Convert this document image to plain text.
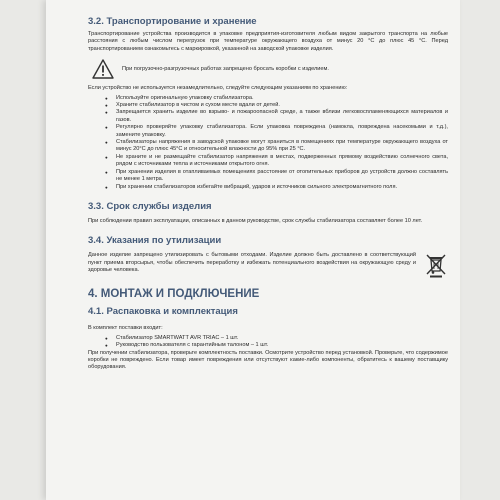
3.2. Транспортирование и хранение

Транспортирование устройства производится в упаковке предприятия-изготовителя любым видом закрытого транспорта на любые расстояния с любым числом перегрузок при температуре окружающего воздуха от минус 20 °С до плюс 45 °С. Перед транспортированием ознакомьтесь с маркировкой, указанной на заводской упаковке изделия.

При погрузочно-разгрузочных работах запрещено бросать коробки с изделием.

Если устройство не используется незамедлительно, следуйте следующим указаниям по хранению:

● Используйте оригинальную упаковку стабилизатора.
● Храните стабилизатор в чистом и сухом месте вдали от детей.
● Запрещается хранить изделие во взрыво- и пожароопасной среде, а также вблизи легковоспламеняющихся материалов и газов.
● Регулярно проверяйте упаковку стабилизатора. Если упаковка повреждена (намокла, повреждена насекомыми и т.д.), замените упаковку.
● Стабилизаторы напряжения в заводской упаковке могут храниться в помещениях при температуре окружающего воздуха от минус 20°С до плюс 45°С и относительной влажности до 95% при 25 °С.
● Не храните и не размещайте стабилизатор напряжения в местах, подверженных прямому воздействию солнечного света, рядом с источниками тепла и источниками открытого огня.
● При хранении изделия в отапливаемых помещениях расстояние от отопительных приборов до устройств должно составлять не менее 1 метра.
● При хранении стабилизаторов избегайте вибраций, ударов и источников сильного электромагнитного поля.
3.3. Срок службы изделия

При соблюдении правил эксплуатации, описанных в данном руководстве, срок службы стабилизатора составляет более 10 лет.

3.4. Указания по утилизации

Данное изделие запрещено утилизировать с бытовыми отходами. Изделие должно быть доставлено в соответствующий пункт приема вторсырья, чтобы обеспечить переработку и избежать потенциального воздействия на окружающую среду и здоровье человека.

4. МОНТАЖ И ПОДКЛЮЧЕНИЕ
4.1. Распаковка и комплектация

В комплект поставки входит:

● Стабилизатор SMARTWATT AVR TRIAC – 1 шт.
● Руководство пользователя с гарантийным талоном – 1 шт.

При получении стабилизатора, проверьте комплектность поставки. Осмотрите устройство перед установкой. Проверьте, что содержимое коробки не повреждено. Если товар имеет повреждения или отсутствуют какие-либо компоненты, обратитесь к вашему поставщику оборудования.
